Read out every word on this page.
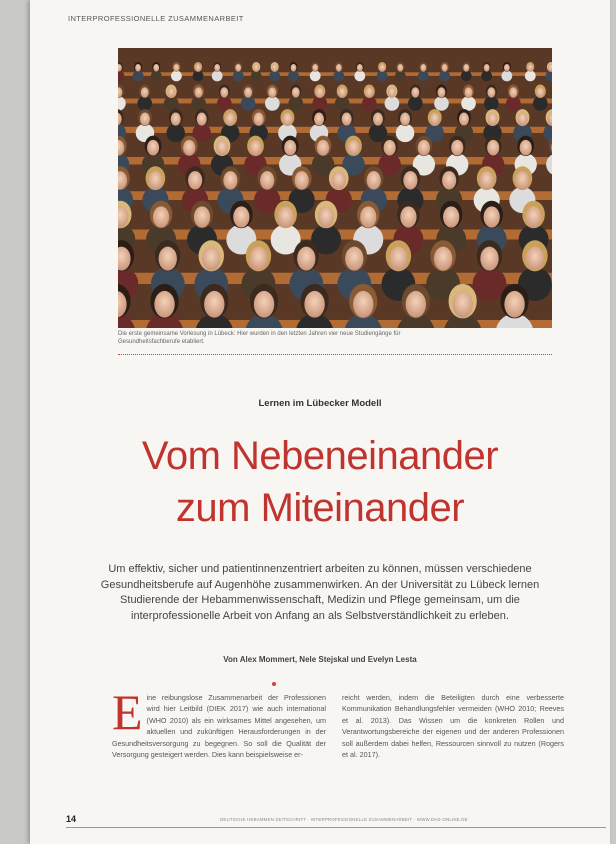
INTERPROFESSIONELLE ZUSAMMENARBEIT
Die erste gemeinsame Vorlesung in Lübeck: Hier wurden in den letzten Jahren vier neue Studiengänge für Gesundheitsfachberufe etabliert.
Lernen im Lübecker Modell
Vom Nebeneinander
zum Miteinander
Um effektiv, sicher und patientinnenzentriert arbeiten zu können, müssen verschiedene Gesundheitsberufe auf Augenhöhe zusammenwirken. An der Universität zu Lübeck lernen Studierende der Hebammenwissenschaft, Medizin und Pflege gemeinsam, um die interprofessionelle Arbeit von Anfang an als Selbstverständlichkeit zu erleben.
Von Alex Mommert, Nele Stejskal und Evelyn Lesta
Eine reibungslose Zusammenarbeit der Professionen wird hier Leitbild (DIEK 2017) wie auch international (WHO 2010) als ein wirksames Mittel angesehen, um aktuellen und zukünftigen Herausforderungen in der Gesundheitsversorgung zu begegnen. So soll die Qualität der Versorgung gesteigert werden. Dies kann beispielsweise er-
reicht werden, indem die Beteiligten durch eine verbesserte Kommunikation Behandlungsfehler vermeiden (WHO 2010; Reeves et al. 2013). Das Wissen um die konkreten Rollen und Verantwortungsbereiche der eigenen und der anderen Professionen soll außerdem dabei helfen, Ressourcen sinnvoll zu nutzen (Rogers et al. 2017).
14	DEUTSCHE HEBAMMEN ZEITSCHRIFT · INTERPROFESSIONELLE ZUSAMMENARBEIT · WWW.DHZ-ONLINE.DE
